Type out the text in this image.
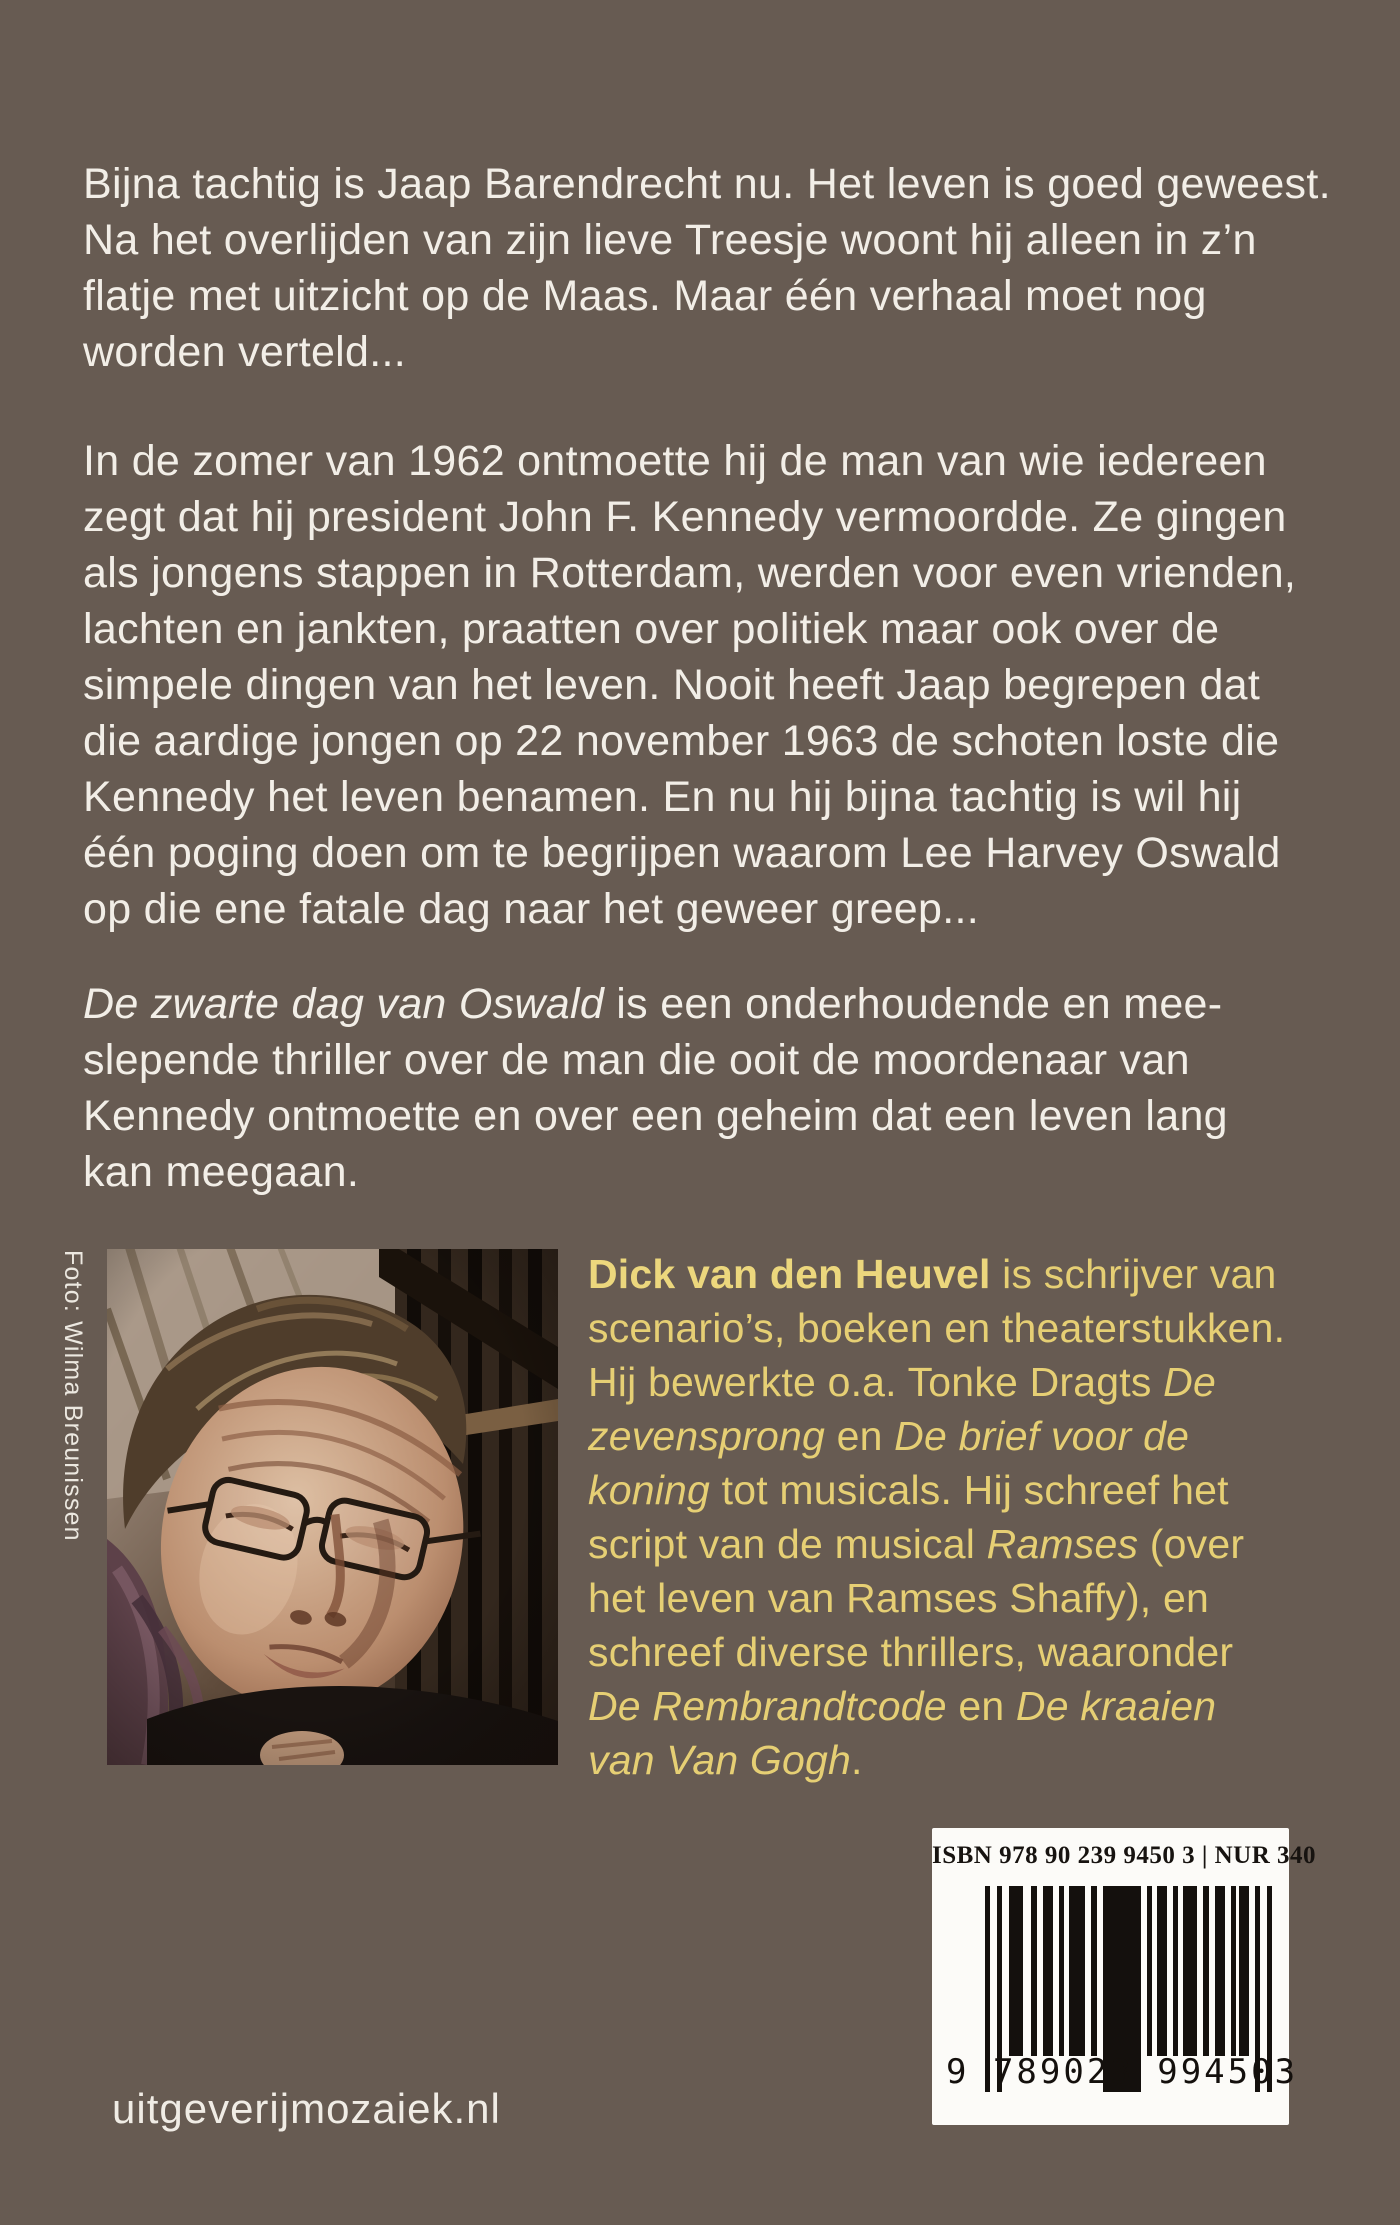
Bijna tachtig is Jaap Barendrecht nu. Het leven is goed geweest.
Na het overlijden van zijn lieve Treesje woont hij alleen in z’n
flatje met uitzicht op de Maas. Maar één verhaal moet nog
worden verteld...
In de zomer van 1962 ontmoette hij de man van wie iedereen
zegt dat hij president John F. Kennedy vermoordde. Ze gingen
als jongens stappen in Rotterdam, werden voor even vrienden,
lachten en jankten, praatten over politiek maar ook over de
simpele dingen van het leven. Nooit heeft Jaap begrepen dat
die aardige jongen op 22 november 1963 de schoten loste die
Kennedy het leven benamen. En nu hij bijna tachtig is wil hij
één poging doen om te begrijpen waarom Lee Harvey Oswald
op die ene fatale dag naar het geweer greep...
De zwarte dag van Oswald is een onderhoudende en mee-
slepende thriller over de man die ooit de moordenaar van
Kennedy ontmoette en over een geheim dat een leven lang
kan meegaan.
Foto: Wilma Breunissen	Dick van den Heuvel is schrijver van
scenario’s, boeken en theaterstukken.
Hij bewerkte o.a. Tonke Dragts De
zevensprong en De brief voor de
koning tot musicals. Hij schreef het
script van de musical Ramses (over
het leven van Ramses Shaffy), en
schreef diverse thrillers, waaronder
De Rembrandtcode en De kraaien
van Van Gogh.
ISBN 978 90 239 9450 3 | NUR 340
9 789023 994503
uitgeverijmozaiek.nl
